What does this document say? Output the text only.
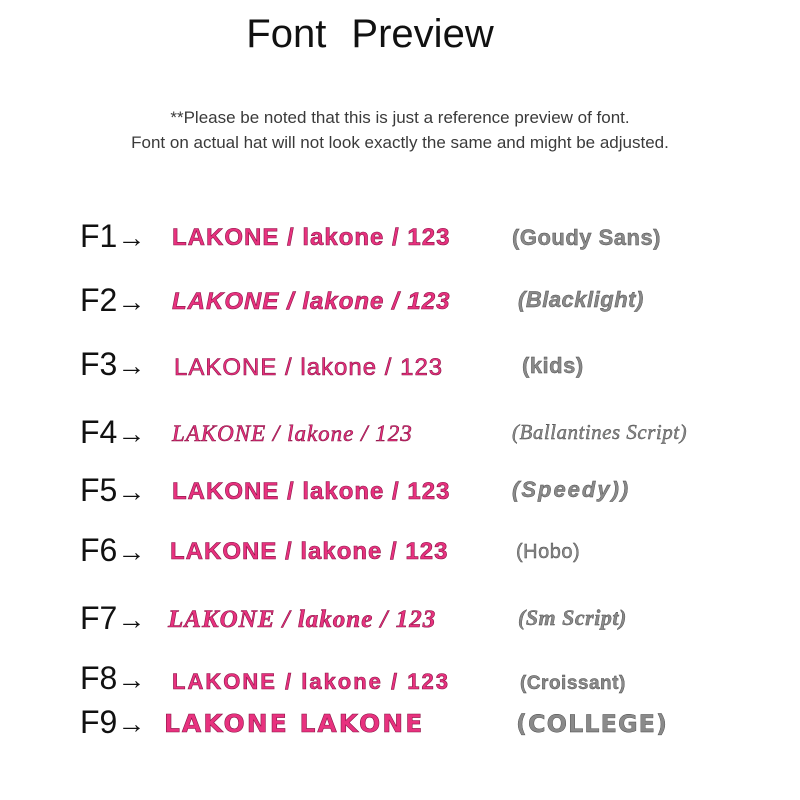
Font Preview
**Please be noted that this is just a reference preview of font.
Font on actual hat will not look exactly the same and might be adjusted.
F1→ LAKONE / lakone / 123	(Goudy Sans)
F2→ LAKONE / lakone / 123	(Blacklight)
F3→ LAKONE / lakone / 123	(kids)
F4→ LAKONE / lakone / 123	(Ballantines Script)
F5→ LAKONE / lakone / 123	(Speedy))
F6→ LAKONE / lakone / 123	(Hobo)
F7→ LAKONE / lakone / 123	(Sm Script)
F8→ LAKONE / lakone / 123	(Croissant)
F9→ LAKONE LAKONE	(COLLEGE)
